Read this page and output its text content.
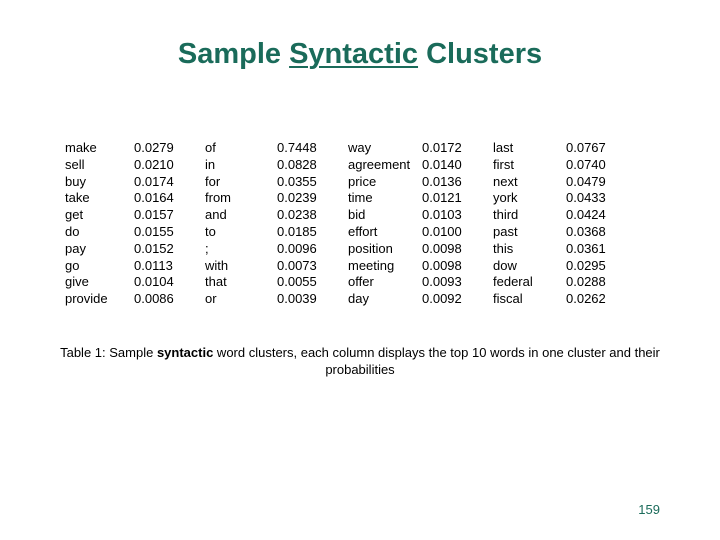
Sample Syntactic Clusters
make
sell
buy
take
get
do
pay
go
give
provide
0.0279
0.0210
0.0174
0.0164
0.0157
0.0155
0.0152
0.0113
0.0104
0.0086
of
in
for
from
and
to
;
with
that
or
0.7448
0.0828
0.0355
0.0239
0.0238
0.0185
0.0096
0.0073
0.0055
0.0039
way
agreement
price
time
bid
effort
position
meeting
offer
day
0.0172
0.0140
0.0136
0.0121
0.0103
0.0100
0.0098
0.0098
0.0093
0.0092
last
first
next
york
third
past
this
dow
federal
fiscal
0.0767
0.0740
0.0479
0.0433
0.0424
0.0368
0.0361
0.0295
0.0288
0.0262
Table 1: Sample syntactic word clusters, each column displays the top 10 words in one cluster and their probabilities
159
